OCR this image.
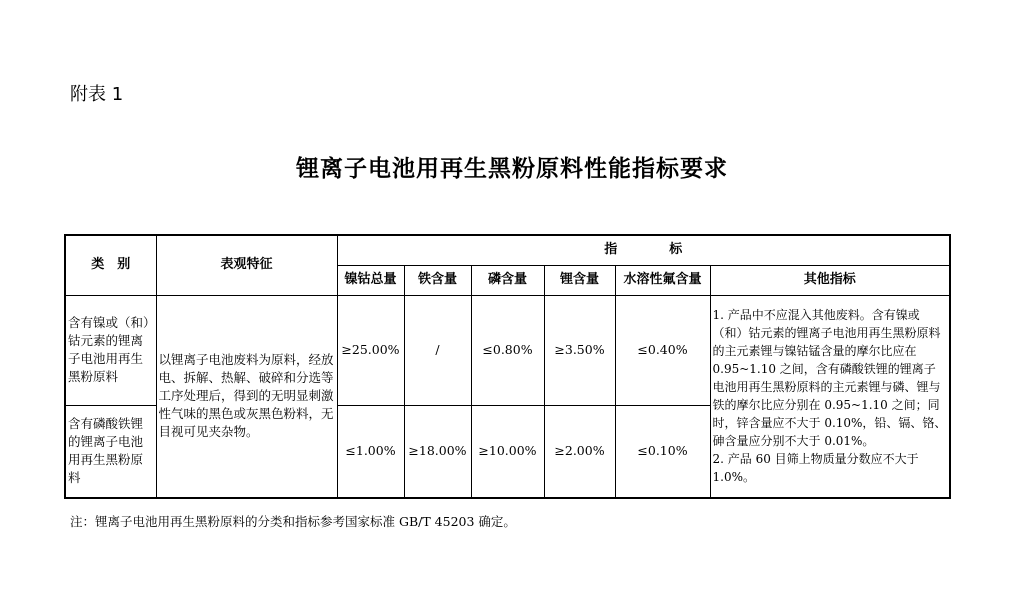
附表 1
锂离子电池用再生黑粉原料性能指标要求
类　别	表观特征	指　　　　标					
		镍钴总量	铁含量	磷含量	锂含量	水溶性氟含量	其他指标
含有镍或（和）钴元素的锂离子电池用再生黑粉原料	以锂离子电池废料为原料，经放电、拆解、热解、破碎和分选等工序处理后，得到的无明显刺激性气味的黑色或灰黑色粉料，无目视可见夹杂物。	≥25.00%	/	≤0.80%	≥3.50%	≤0.40%	1. 产品中不应混入其他废料。含有镍或（和）钴元素的锂离子电池用再生黑粉原料的主元素锂与镍钴锰含量的摩尔比应在 0.95~1.10 之间，含有磷酸铁锂的锂离子电池用再生黑粉原料的主元素锂与磷、锂与铁的摩尔比应分别在 0.95~1.10 之间；同时，锌含量应不大于 0.10%，铅、镉、铬、砷含量应分别不大于 0.01%。
2. 产品 60 目筛上物质量分数应不大于 1.0%。
含有磷酸铁锂的锂离子电池用再生黑粉原料		≤1.00%	≥18.00%	≥10.00%	≥2.00%	≤0.10%	
注：锂离子电池用再生黑粉原料的分类和指标参考国家标准 GB/T 45203 确定。
